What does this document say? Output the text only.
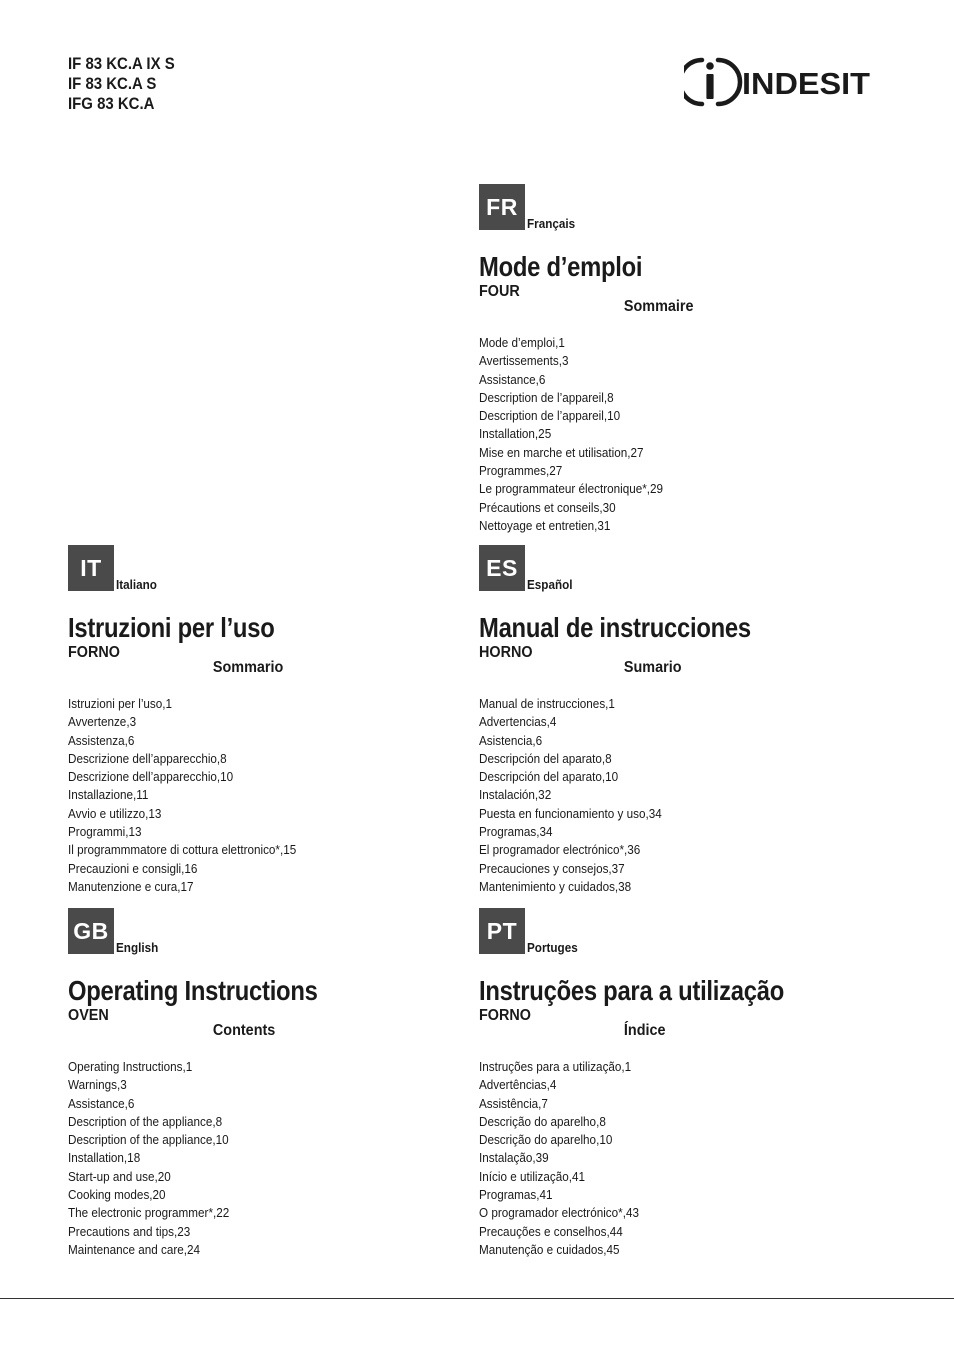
IF 83 KC.A IX S
IF 83 KC.A S
IFG 83 KC.A
INDESIT
FR
Français
Mode d’emploi
FOUR
Sommaire
Mode d’emploi,1
Avertissements,3
Assistance,6
Description de l’appareil,8
Description de l’appareil,10
Installation,25
Mise en marche et utilisation,27
Programmes,27
Le programmateur électronique*,29
Précautions et conseils,30
Nettoyage et entretien,31
IT
Italiano
Istruzioni per l’uso
FORNO
Sommario
Istruzioni per l’uso,1
Avvertenze,3
Assistenza,6
Descrizione dell’apparecchio,8
Descrizione dell’apparecchio,10
Installazione,11
Avvio e utilizzo,13
Programmi,13
Il programmmatore di cottura elettronico*,15
Precauzioni e consigli,16
Manutenzione e cura,17
ES
Español
Manual de instrucciones
HORNO
Sumario
Manual de instrucciones,1
Advertencias,4
Asistencia,6
Descripción del aparato,8
Descripción del aparato,10
Instalación,32
Puesta en funcionamiento y uso,34
Programas,34
El programador electrónico*,36
Precauciones y consejos,37
Mantenimiento y cuidados,38
GB
English
Operating Instructions
OVEN
Contents
Operating Instructions,1
Warnings,3
Assistance,6
Description of the appliance,8
Description of the appliance,10
Installation,18
Start-up and use,20
Cooking modes,20
The electronic programmer*,22
Precautions and tips,23
Maintenance and care,24
PT
Portuges
Instruções para a utilização
FORNO
Índice
Instruções para a utilização,1
Advertências,4
Assistência,7
Descrição do aparelho,8
Descrição do aparelho,10
Instalação,39
Início e utilização,41
Programas,41
O programador electrónico*,43
Precauções e conselhos,44
Manutenção e cuidados,45
